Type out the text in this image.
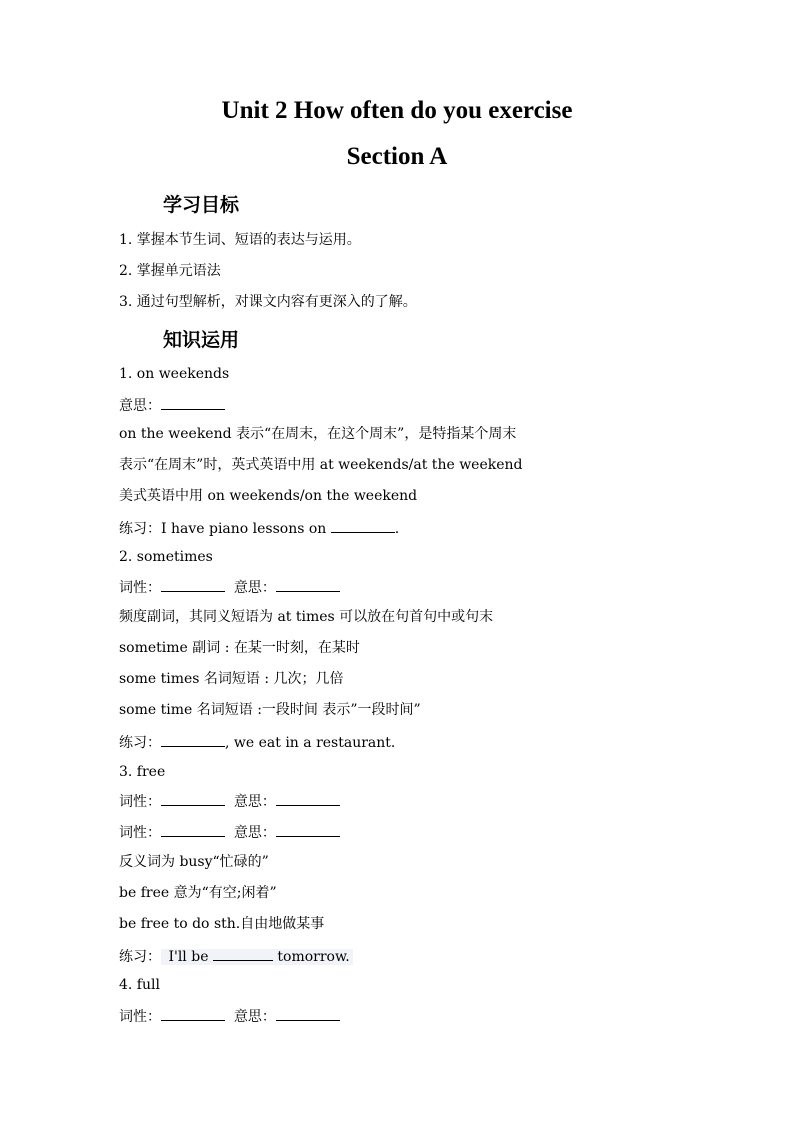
Unit 2 How often do you exercise
Section A
学习目标
1. 掌握本节生词、短语的表达与运用。
2. 掌握单元语法
3. 通过句型解析，对课文内容有更深入的了解。
知识运用
1. on weekends
意思：
on the weekend 表示“在周末，在这个周末”，是特指某个周末
表示“在周末”时，英式英语中用 at weekends/at the weekend
美式英语中用 on weekends/on the weekend
练习：I have piano lessons on	.
2. sometimes
词性：	意思：
频度副词，其同义短语为 at times 可以放在句首句中或句末
sometime 副词 : 在某一时刻，在某时
some times 名词短语 : 几次；几倍
some time 名词短语 :一段时间 表示”一段时间”
练习：	, we eat in a restaurant.
3. free
词性：	意思：
词性：	意思：
反义词为 busy“忙碌的”
be free 意为“有空;闲着”
be free to do sth.自由地做某事
练习： I'll be	tomorrow.
4. full
词性：	意思：
